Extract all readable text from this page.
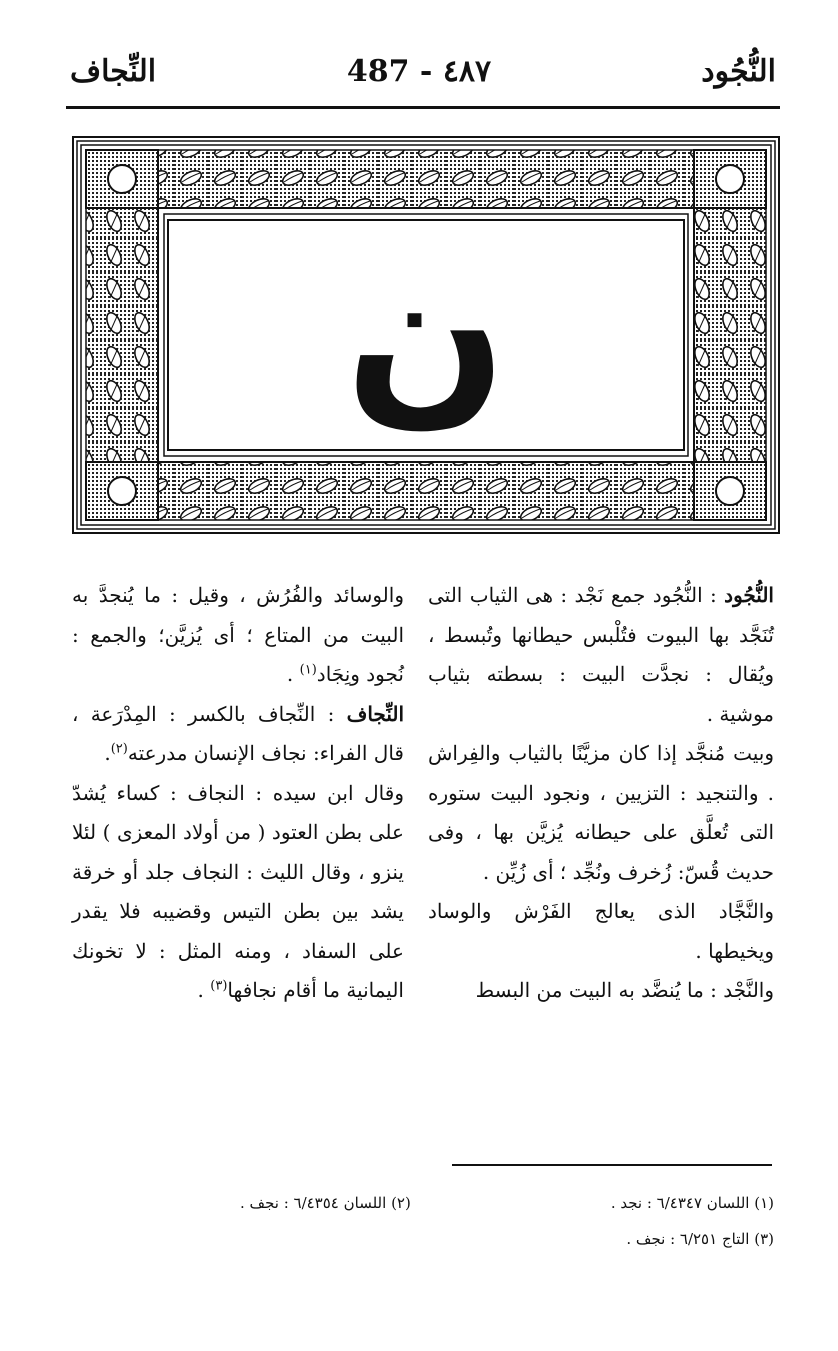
النُّجُود
487 - ٤٨٧
النِّجاف
ن

النُّجُود : النُّجُود جمع نَجْد : هى الثياب التى تُنَجَّد بها البيوت فتُلْبس حيطانها وتُبسط ، ويُقال : نجدَّت البيت : بسطته بثياب موشية .

وبيت مُنجَّد إذا كان مزيَّنًا بالثياب والفِراش . والتنجيد : التزيين ، ونجود البيت ستوره التى تُعلَّق على حيطانه يُزيَّن بها ، وفى حديث قُسّ: زُخرف ونُجِّد ؛ أى زُيِّن .

والنَّجَّاد الذى يعالج الفَرْش والوساد ويخيطها .

والنَّجْد : ما يُنضَّد به البيت من البسط

والوسائد والفُرُش ، وقيل : ما يُنجدَّ به البيت من المتاع ؛ أى يُزيَّن؛ والجمع : نُجود ونِجَاد$^{(١)}$ .

النِّجاف : النِّجاف بالكسر : المِدْرَعة ، قال الفراء: نجاف الإنسان مدرعته$^{(٢)}$.

وقال ابن سيده : النجاف : كساء يُشدّ على بطن العتود ( من أولاد المعزى ) لئلا ينزو ، وقال الليث : النجاف جلد أو خرقة يشد بين بطن التيس وقضيبه فلا يقدر على السفاد ، ومنه المثل : لا تخونك اليمانية ما أقام نجافها$^{(٣)}$ .

(١) اللسان ٦/٤٣٤٧ : نجد .
(٢) اللسان ٦/٤٣٥٤ : نجف .
(٣) التاج ٦/٢٥١ : نجف .
